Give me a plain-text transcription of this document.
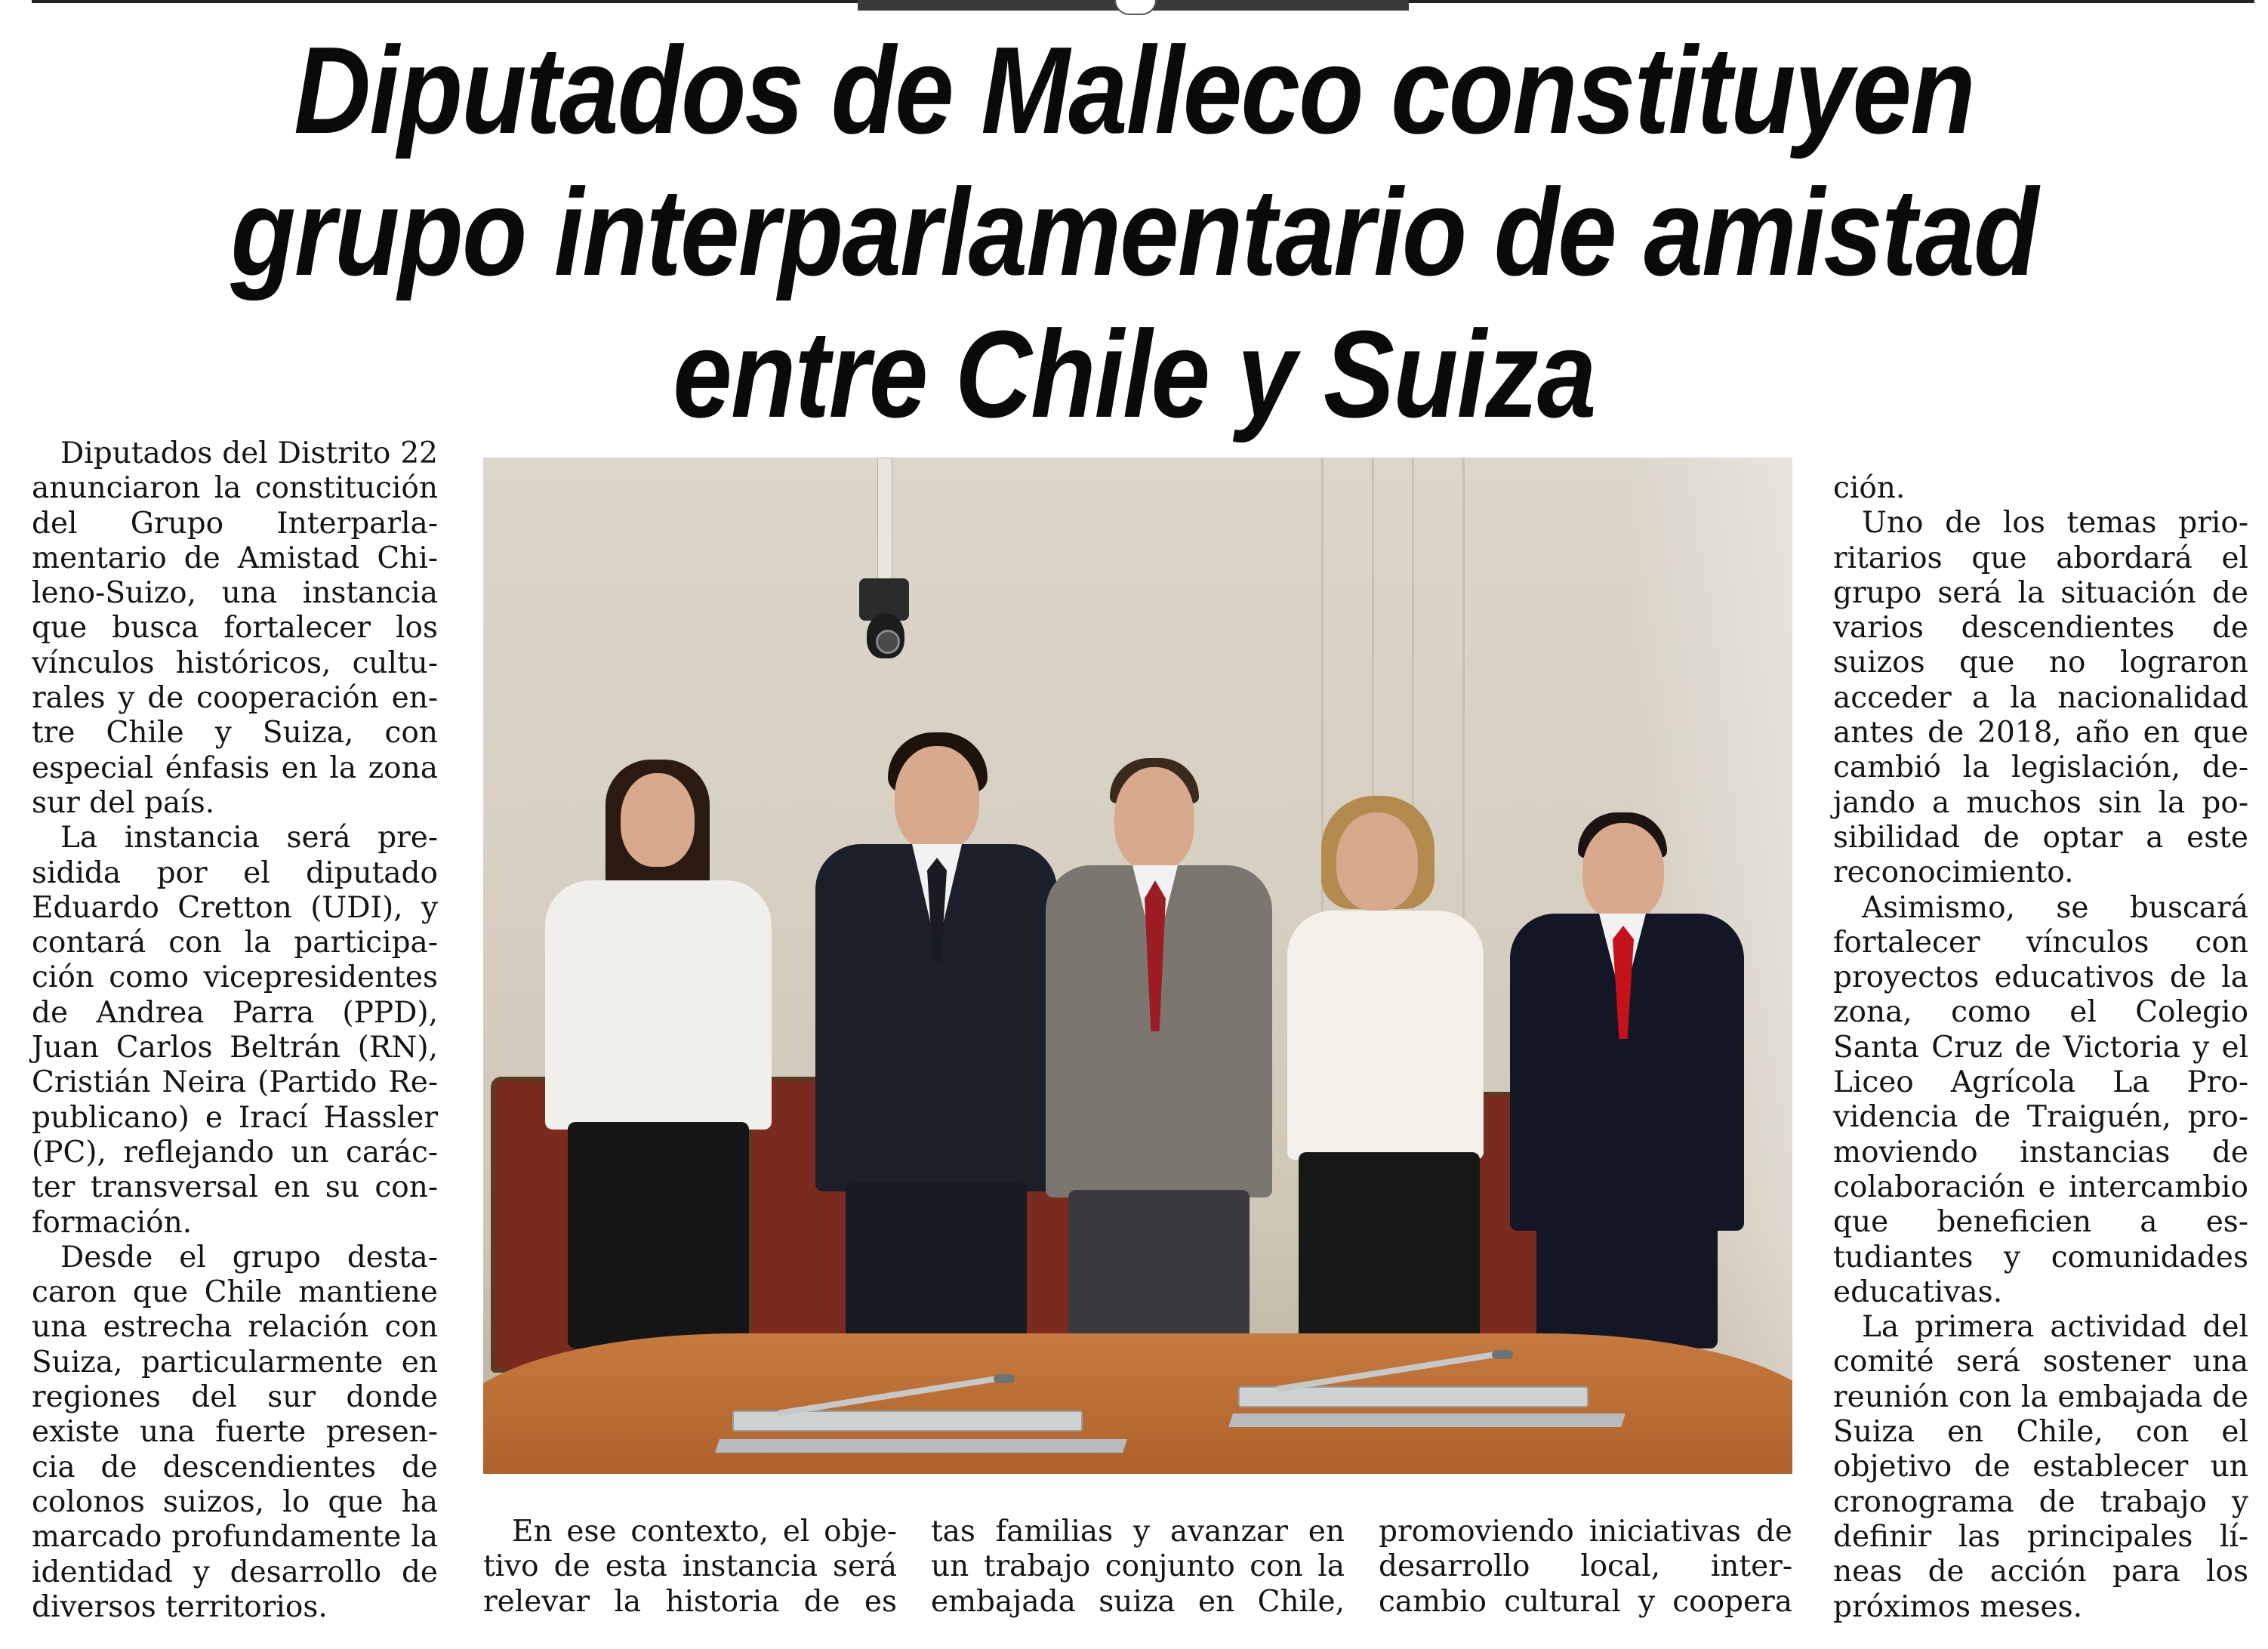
Diputados de Malleco constituyen
grupo interparlamentario de amistad
entre Chile y Suiza

Diputados del Distrito 22 anunciaron la constitución del Grupo Interparlamentario de Amistad Chileno-Suizo, una instancia que busca fortalecer los vínculos históricos, culturales y de cooperación entre Chile y Suiza, con especial énfasis en la zona sur del país.

La instancia será presidida por el diputado Eduardo Cretton (UDI), y contará con la participación como vicepresidentes de Andrea Parra (PPD), Juan Carlos Beltrán (RN), Cristián Neira (Partido Republicano) e Iracı́ Hassler (PC), reflejando un carácter transversal en su conformación.

Desde el grupo destacaron que Chile mantiene una estrecha relación con Suiza, particularmente en regiones del sur donde existe una fuerte presencia de descendientes de colonos suizos, lo que ha marcado profundamente la identidad y desarrollo de diversos territorios.

En ese contexto, el objetivo de esta instancia será relevar la historia de es

tas familias y avanzar en un trabajo conjunto con la embajada suiza en Chile,

promoviendo iniciativas de desarrollo local, intercambio cultural y coopera

ción.

Uno de los temas prioritarios que abordará el grupo será la situación de varios descendientes de suizos que no lograron acceder a la nacionalidad antes de 2018, año en que cambió la legislación, dejando a muchos sin la posibilidad de optar a este reconocimiento.

Asimismo, se buscará fortalecer vínculos con proyectos educativos de la zona, como el Colegio Santa Cruz de Victoria y el Liceo Agrícola La Providencia de Traiguén, promoviendo instancias de colaboración e intercambio que beneficien a estudiantes y comunidades educativas.

La primera actividad del comité será sostener una reunión con la embajada de Suiza en Chile, con el objetivo de establecer un cronograma de trabajo y definir las principales líneas de acción para los próximos meses.
